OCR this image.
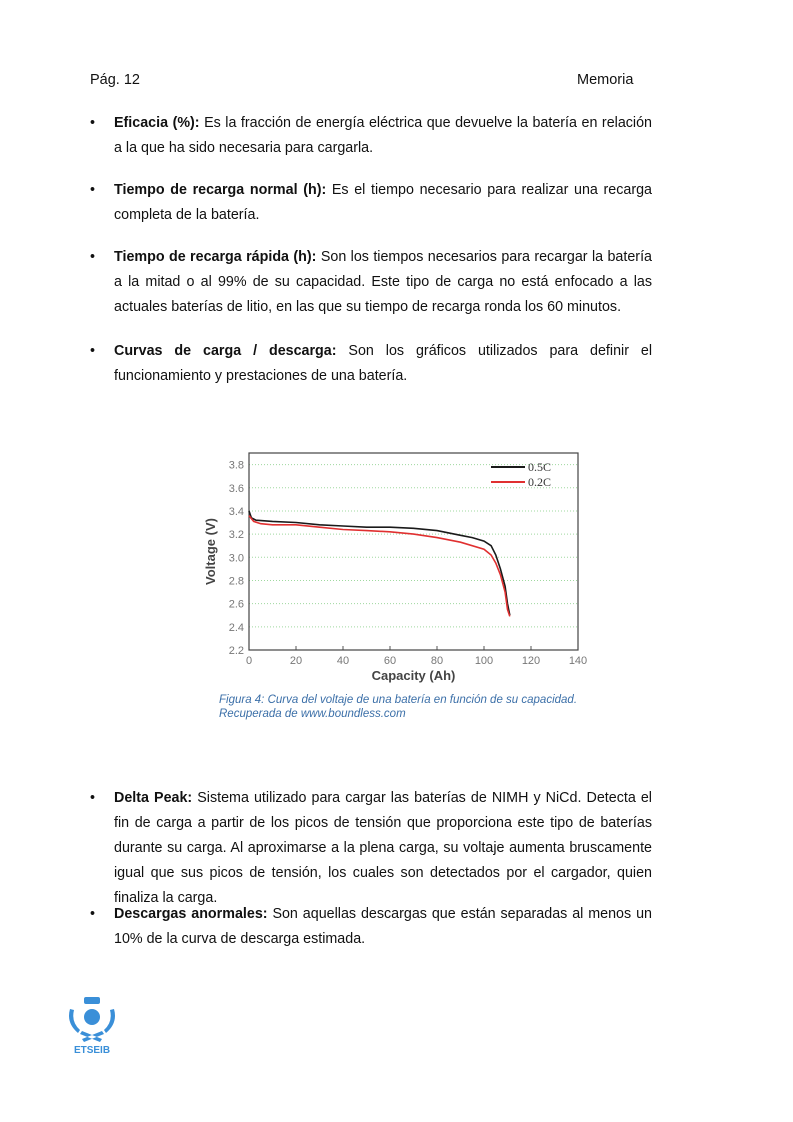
Pág. 12	Memoria
• Eficacia (%): Es la fracción de energía eléctrica que devuelve la batería en relación a la que ha sido necesaria para cargarla.
• Tiempo de recarga normal (h): Es el tiempo necesario para realizar una recarga completa de la batería.
• Tiempo de recarga rápida (h): Son los tiempos necesarios para recargar la batería a la mitad o al 99% de su capacidad. Este tipo de carga no está enfocado a las actuales baterías de litio, en las que su tiempo de recarga ronda los 60 minutos.
• Curvas de carga / descarga: Son los gráficos utilizados para definir el funcionamiento y prestaciones de una batería.
2.2
2.4
2.6
2.8
3.0
3.2
3.4
3.6
3.8
0	20	40	60	80	100	120	140
0.5C
0.2C
Capacity (Ah)
Voltage (V)
Figura 4: Curva del voltaje de una batería en función de su capacidad.
Recuperada de www.boundless.com
• Delta Peak: Sistema utilizado para cargar las baterías de NIMH y NiCd. Detecta el fin de carga a partir de los picos de tensión que proporciona este tipo de baterías durante su carga. Al aproximarse a la plena carga, su voltaje aumenta bruscamente igual que sus picos de tensión, los cuales son detectados por el cargador, quien finaliza la carga.
• Descargas anormales: Son aquellas descargas que están separadas al menos un 10% de la curva de descarga estimada.
ETSEIB
